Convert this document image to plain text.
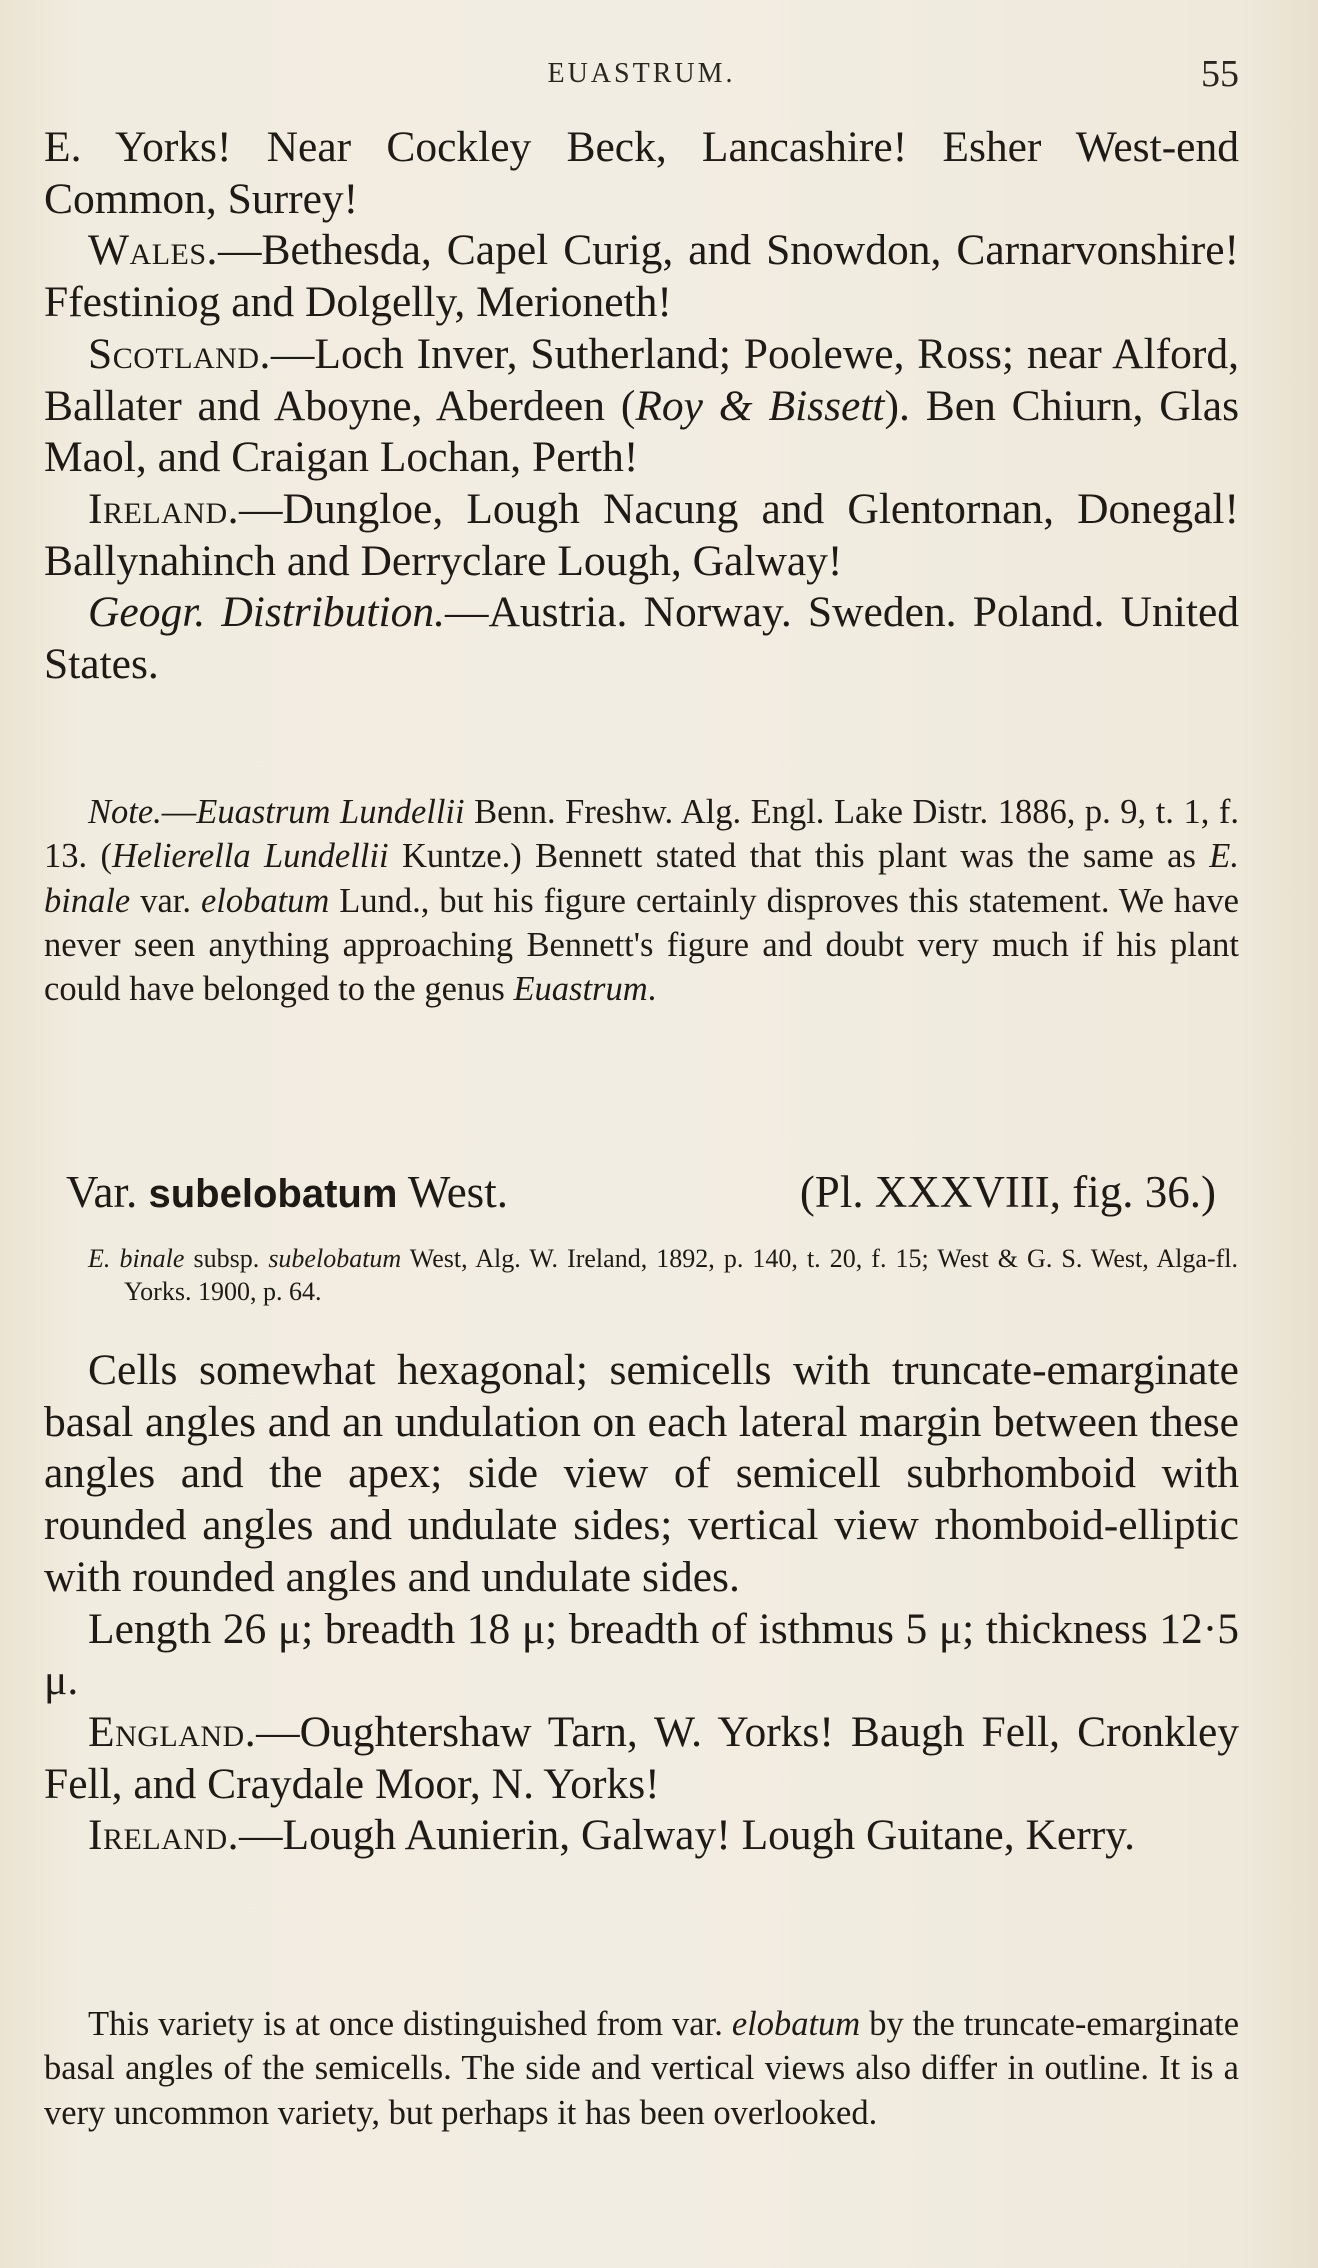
EUASTRUM.	55

E. Yorks! Near Cockley Beck, Lancashire! Esher West-end Common, Surrey!

Wales.—Bethesda, Capel Curig, and Snowdon, Carnarvonshire! Ffestiniog and Dolgelly, Merioneth!

Scotland.—Loch Inver, Sutherland; Poolewe, Ross; near Alford, Ballater and Aboyne, Aberdeen (Roy & Bissett). Ben Chiurn, Glas Maol, and Craigan Lochan, Perth!

Ireland.—Dungloe, Lough Nacung and Glentornan, Donegal! Ballynahinch and Derryclare Lough, Galway!

Geogr. Distribution.—Austria. Norway. Sweden. Poland. United States.

Note.—Euastrum Lundellii Benn. Freshw. Alg. Engl. Lake Distr. 1886, p. 9, t. 1, f. 13. (Helierella Lundellii Kuntze.) Bennett stated that this plant was the same as E. binale var. elobatum Lund., but his figure certainly disproves this statement. We have never seen anything approaching Bennett's figure and doubt very much if his plant could have belonged to the genus Euastrum.

Var. subelobatum West.	(Pl. XXXVIII, fig. 36.)

E. binale subsp. subelobatum West, Alg. W. Ireland, 1892, p. 140, t. 20, f. 15; West & G. S. West, Alga-fl. Yorks. 1900, p. 64.

Cells somewhat hexagonal; semicells with truncate-emarginate basal angles and an undulation on each lateral margin between these angles and the apex; side view of semicell subrhomboid with rounded angles and undulate sides; vertical view rhomboid-elliptic with rounded angles and undulate sides.

Length 26 μ; breadth 18 μ; breadth of isthmus 5 μ; thickness 12·5 μ.

England.—Oughtershaw Tarn, W. Yorks! Baugh Fell, Cronkley Fell, and Craydale Moor, N. Yorks!

Ireland.—Lough Aunierin, Galway! Lough Guitane, Kerry.

This variety is at once distinguished from var. elobatum by the truncate-emarginate basal angles of the semicells. The side and vertical views also differ in outline. It is a very uncommon variety, but perhaps it has been overlooked.
